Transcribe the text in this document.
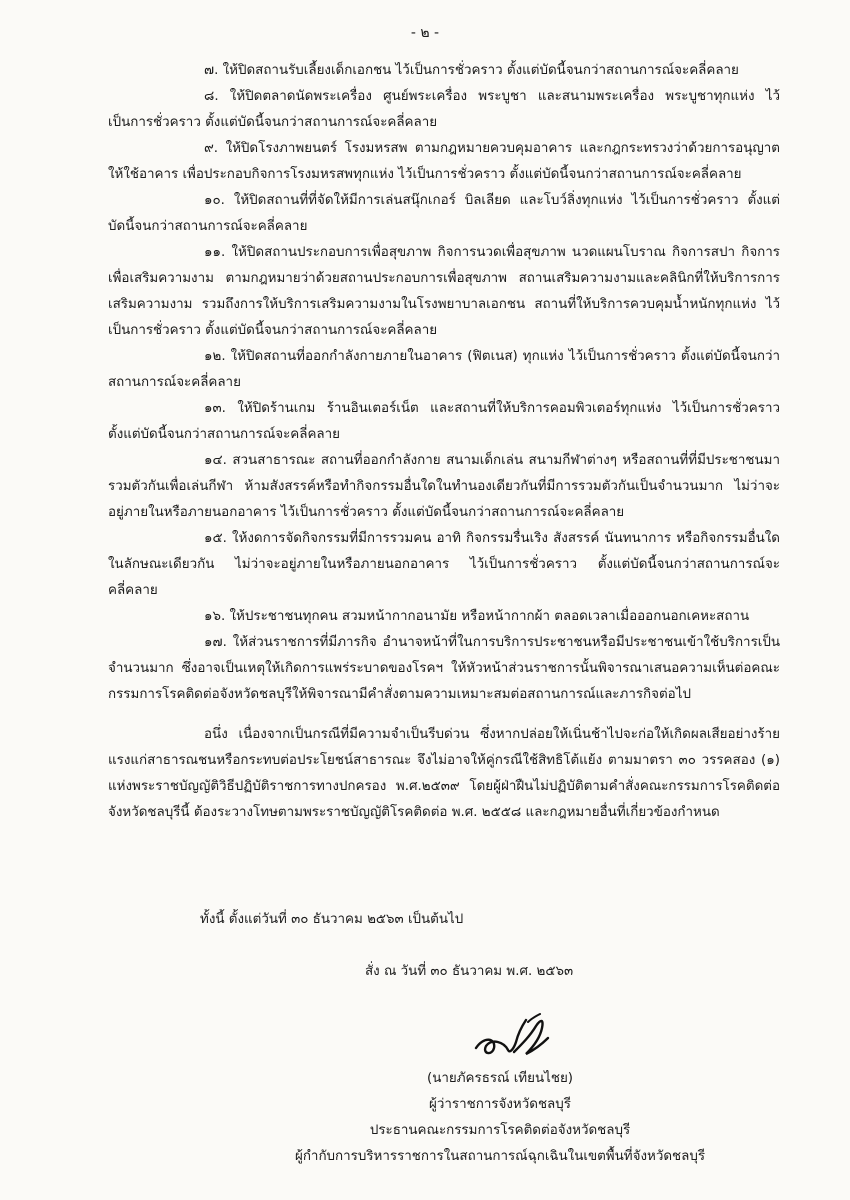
- ๒ -

๗. ให้ปิดสถานรับเลี้ยงเด็กเอกชน ไว้เป็นการชั่วคราว ตั้งแต่บัดนี้จนกว่าสถานการณ์จะคลี่คลาย

๘. ให้ปิดตลาดนัดพระเครื่อง ศูนย์พระเครื่อง พระบูชา และสนามพระเครื่อง พระบูชาทุกแห่ง ไว้เป็นการชั่วคราว ตั้งแต่บัดนี้จนกว่าสถานการณ์จะคลี่คลาย

๙. ให้ปิดโรงภาพยนตร์ โรงมหรสพ ตามกฎหมายควบคุมอาคาร และกฎกระทรวงว่าด้วยการอนุญาตให้ใช้อาคาร เพื่อประกอบกิจการโรงมหรสพทุกแห่ง ไว้เป็นการชั่วคราว ตั้งแต่บัดนี้จนกว่าสถานการณ์จะคลี่คลาย

๑๐. ให้ปิดสถานที่ที่จัดให้มีการเล่นสนุ๊กเกอร์ บิลเลียด และโบว์ลิ่งทุกแห่ง ไว้เป็นการชั่วคราว ตั้งแต่บัดนี้จนกว่าสถานการณ์จะคลี่คลาย

๑๑. ให้ปิดสถานประกอบการเพื่อสุขภาพ กิจการนวดเพื่อสุขภาพ นวดแผนโบราณ กิจการสปา กิจการเพื่อเสริมความงาม ตามกฎหมายว่าด้วยสถานประกอบการเพื่อสุขภาพ สถานเสริมความงามและคลินิกที่ให้บริการการเสริมความงาม รวมถึงการให้บริการเสริมความงามในโรงพยาบาลเอกชน สถานที่ให้บริการควบคุมน้ำหนักทุกแห่ง ไว้เป็นการชั่วคราว ตั้งแต่บัดนี้จนกว่าสถานการณ์จะคลี่คลาย

๑๒. ให้ปิดสถานที่ออกกำลังกายภายในอาคาร (ฟิตเนส) ทุกแห่ง ไว้เป็นการชั่วคราว ตั้งแต่บัดนี้จนกว่าสถานการณ์จะคลี่คลาย

๑๓. ให้ปิดร้านเกม ร้านอินเตอร์เน็ต และสถานที่ให้บริการคอมพิวเตอร์ทุกแห่ง ไว้เป็นการชั่วคราว ตั้งแต่บัดนี้จนกว่าสถานการณ์จะคลี่คลาย

๑๔. สวนสาธารณะ สถานที่ออกกำลังกาย สนามเด็กเล่น สนามกีฬาต่างๆ หรือสถานที่ที่มีประชาชนมารวมตัวกันเพื่อเล่นกีฬา ห้ามสังสรรค์หรือทำกิจกรรมอื่นใดในทำนองเดียวกันที่มีการรวมตัวกันเป็นจำนวนมาก ไม่ว่าจะอยู่ภายในหรือภายนอกอาคาร ไว้เป็นการชั่วคราว ตั้งแต่บัดนี้จนกว่าสถานการณ์จะคลี่คลาย

๑๕. ให้งดการจัดกิจกรรมที่มีการรวมคน อาทิ กิจกรรมรื่นเริง สังสรรค์ นันทนาการ หรือกิจกรรมอื่นใดในลักษณะเดียวกัน ไม่ว่าจะอยู่ภายในหรือภายนอกอาคาร ไว้เป็นการชั่วคราว ตั้งแต่บัดนี้จนกว่าสถานการณ์จะคลี่คลาย

๑๖. ให้ประชาชนทุกคน สวมหน้ากากอนามัย หรือหน้ากากผ้า ตลอดเวลาเมื่อออกนอกเคหะสถาน

๑๗. ให้ส่วนราชการที่มีภารกิจ อำนาจหน้าที่ในการบริการประชาชนหรือมีประชาชนเข้าใช้บริการเป็นจำนวนมาก ซึ่งอาจเป็นเหตุให้เกิดการแพร่ระบาดของโรคฯ ให้หัวหน้าส่วนราชการนั้นพิจารณาเสนอความเห็นต่อคณะกรรมการโรคติดต่อจังหวัดชลบุรีให้พิจารณามีคำสั่งตามความเหมาะสมต่อสถานการณ์และภารกิจต่อไป

อนึ่ง เนื่องจากเป็นกรณีที่มีความจำเป็นรีบด่วน ซึ่งหากปล่อยให้เนิ่นช้าไปจะก่อให้เกิดผลเสียอย่างร้ายแรงแก่สาธารณชนหรือกระทบต่อประโยชน์สาธารณะ จึงไม่อาจให้คู่กรณีใช้สิทธิโต้แย้ง ตามมาตรา ๓๐ วรรคสอง (๑) แห่งพระราชบัญญัติวิธีปฏิบัติราชการทางปกครอง พ.ศ.๒๕๓๙ โดยผู้ฝ่าฝืนไม่ปฏิบัติตามคำสั่งคณะกรรมการโรคติดต่อจังหวัดชลบุรีนี้ ต้องระวางโทษตามพระราชบัญญัติโรคติดต่อ พ.ศ. ๒๕๕๘ และกฎหมายอื่นที่เกี่ยวข้องกำหนด

ทั้งนี้ ตั้งแต่วันที่ ๓๐ ธันวาคม ๒๕๖๓ เป็นต้นไป
สั่ง ณ วันที่ ๓๐ ธันวาคม พ.ศ. ๒๕๖๓
(นายภัครธรณ์ เทียนไชย)
ผู้ว่าราชการจังหวัดชลบุรี
ประธานคณะกรรมการโรคติดต่อจังหวัดชลบุรี
ผู้กำกับการบริหารราชการในสถานการณ์ฉุกเฉินในเขตพื้นที่จังหวัดชลบุรี
